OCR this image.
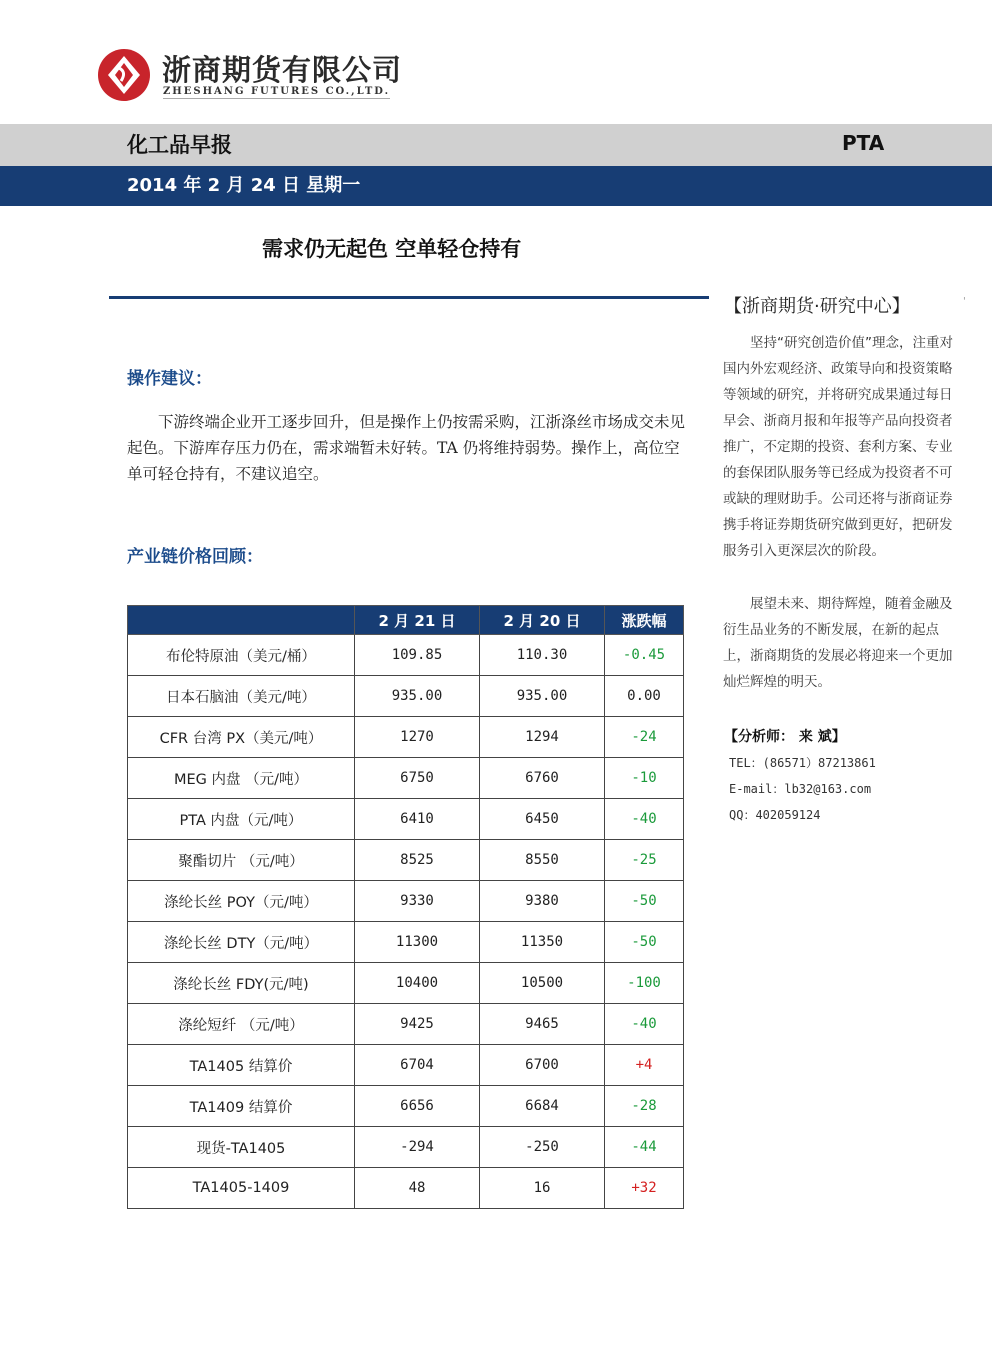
浙商期货有限公司
ZHESHANG FUTURES CO.,LTD.
化工品早报	PTA
2014 年 2 月 24 日 星期一
需求仍无起色 空单轻仓持有
操作建议：
下游终端企业开工逐步回升，但是操作上仍按需采购，江浙涤丝市场成交未见起色。下游库存压力仍在，需求端暂未好转。TA 仍将维持弱势。操作上，高位空单可轻仓持有，不建议追空。
产业链价格回顾：
	2 月 21 日	2 月 20 日	涨跌幅
布伦特原油（美元/桶）	109.85	110.30	-0.45
日本石脑油（美元/吨）	935.00	935.00	0.00
CFR 台湾 PX（美元/吨）	1270	1294	-24
MEG 内盘 （元/吨）	6750	6760	-10
PTA 内盘（元/吨）	6410	6450	-40
聚酯切片 （元/吨）	8525	8550	-25
涤纶长丝 POY（元/吨）	9330	9380	-50
涤纶长丝 DTY（元/吨）	11300	11350	-50
涤纶长丝 FDY(元/吨)	10400	10500	-100
涤纶短纤 （元/吨）	9425	9465	-40
TA1405 结算价	6704	6700	+4
TA1409 结算价	6656	6684	-28
现货-TA1405	-294	-250	-44
TA1405-1409	48	16	+32
【浙商期货·研究中心】	'
坚持“研究创造价值”理念，注重对国内外宏观经济、政策导向和投资策略等领域的研究，并将研究成果通过每日早会、浙商月报和年报等产品向投资者推广，不定期的投资、套利方案、专业的套保团队服务等已经成为投资者不可或缺的理财助手。公司还将与浙商证券携手将证券期货研究做到更好，把研发服务引入更深层次的阶段。
展望未来、期待辉煌，随着金融及衍生品业务的不断发展，在新的起点上，浙商期货的发展必将迎来一个更加灿烂辉煌的明天。
【分析师： 来 斌】
TEL：(86571）87213861
E-mail：lb32@163.com
QQ：402059124
